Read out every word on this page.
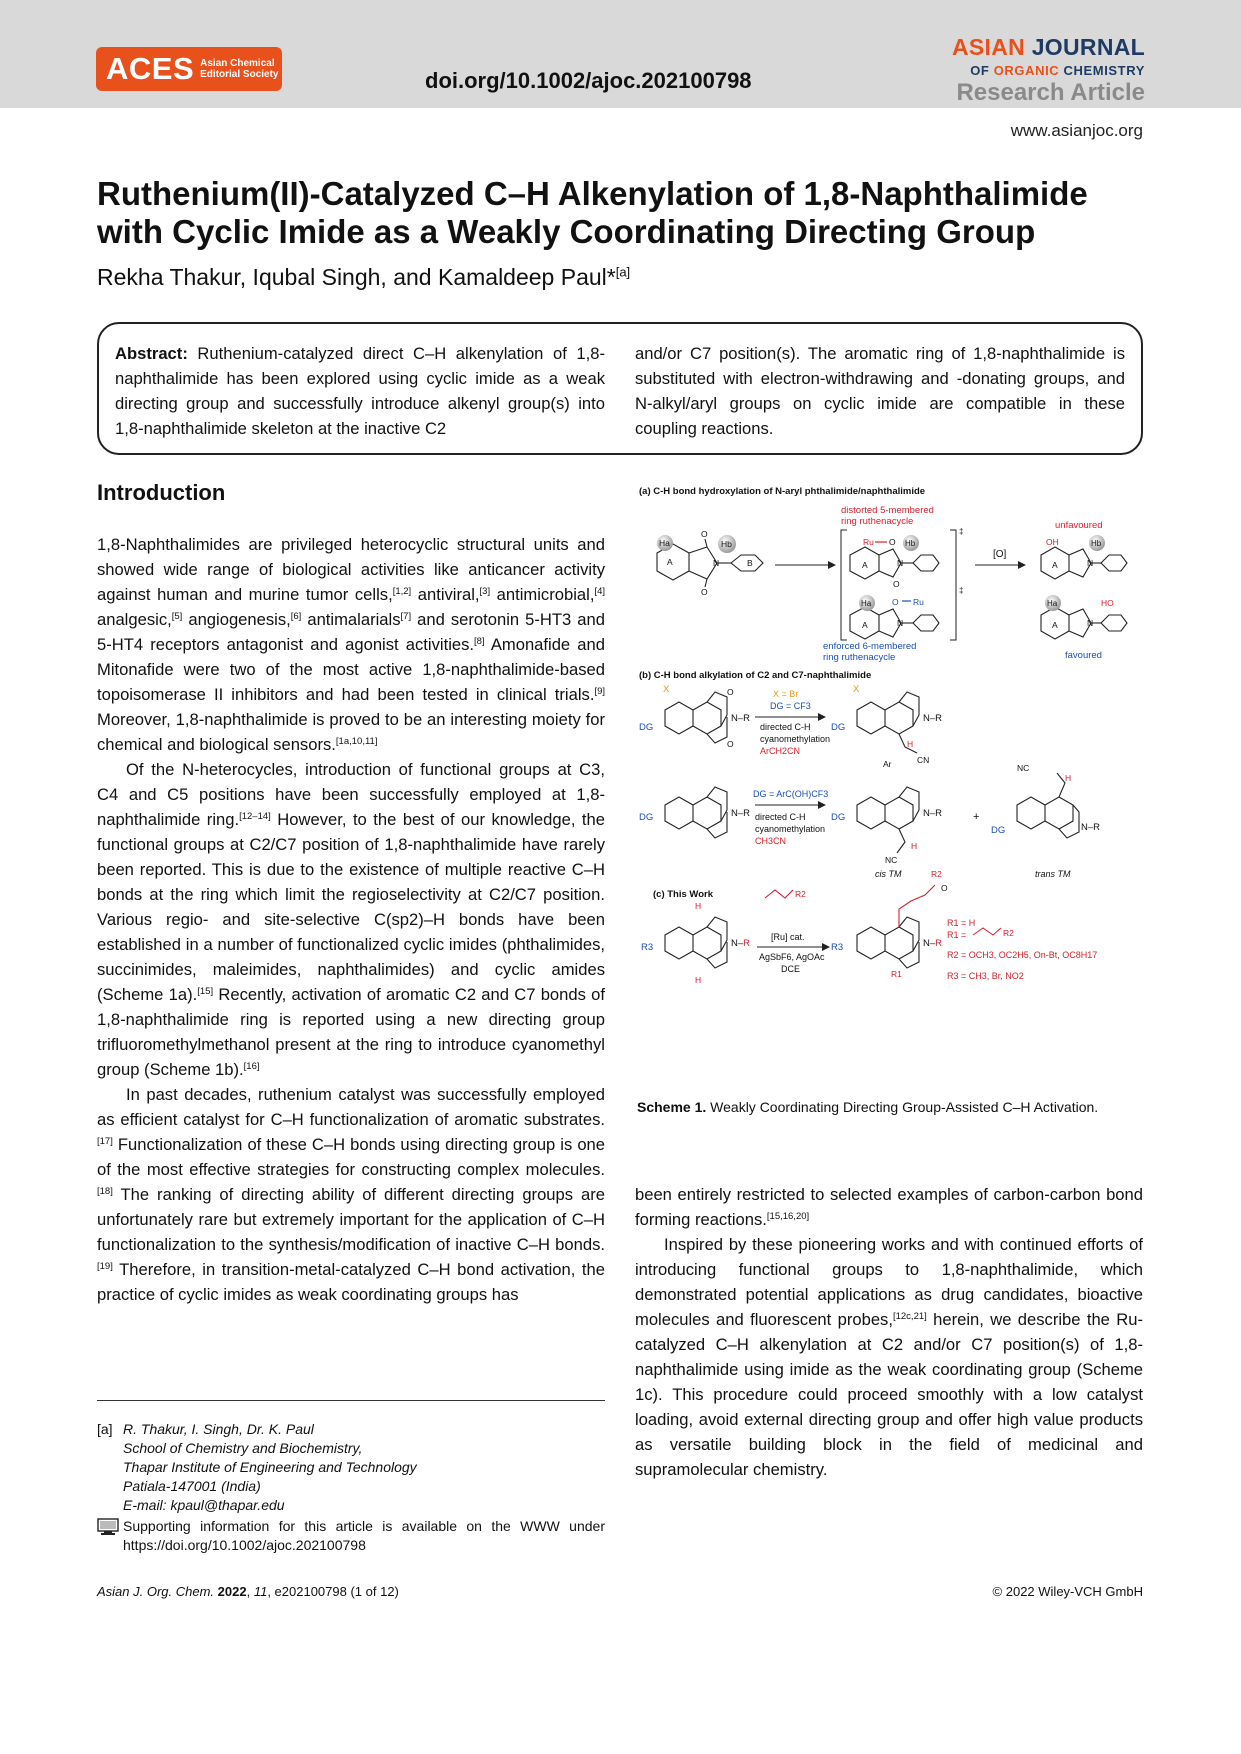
ACES Asian Chemical
Editorial Society	doi.org/10.1002/ajoc.202100798
ASIAN JOURNAL
OF ORGANIC CHEMISTRY
Research Article
www.asianjoc.org
Ruthenium(II)-Catalyzed C–H Alkenylation of 1,8-Naphthalimide
with Cyclic Imide as a Weakly Coordinating Directing Group
Rekha Thakur, Iqubal Singh, and Kamaldeep Paul*[a]
Abstract: Ruthenium-catalyzed direct C–H alkenylation of 1,8-naphthalimide has been explored using cyclic imide as a weak directing group and successfully introduce alkenyl group(s) into 1,8-naphthalimide skeleton at the inactive C2
and/or C7 position(s). The aromatic ring of 1,8-naphthalimide is substituted with electron-withdrawing and -donating groups, and N-alkyl/aryl groups on cyclic imide are compatible in these coupling reactions.
Introduction

1,8-Naphthalimides are privileged heterocyclic structural units and showed wide range of biological activities like anticancer activity against human and murine tumor cells,[1,2] antiviral,[3] antimicrobial,[4] analgesic,[5] angiogenesis,[6] antimalarials[7] and serotonin 5-HT3 and 5-HT4 receptors antagonist and agonist activities.[8] Amonafide and Mitonafide were two of the most active 1,8-naphthalimide-based topoisomerase II inhibitors and had been tested in clinical trials.[9] Moreover, 1,8-naphthalimide is proved to be an interesting moiety for chemical and biological sensors.[1a,10,11]

Of the N-heterocycles, introduction of functional groups at C3, C4 and C5 positions have been successfully employed at 1,8-naphthalimide ring.[12–14] However, to the best of our knowledge, the functional groups at C2/C7 position of 1,8-naphthalimide have rarely been reported. This is due to the existence of multiple reactive C–H bonds at the ring which limit the regioselectivity at C2/C7 position. Various regio- and site-selective C(sp2)–H bonds have been established in a number of functionalized cyclic imides (phthalimides, succinimides, maleimides, naphthalimides) and cyclic amides (Scheme 1a).[15] Recently, activation of aromatic C2 and C7 bonds of 1,8-naphthalimide ring is reported using a new directing group trifluoromethylmethanol present at the ring to introduce cyanomethyl group (Scheme 1b).[16]

In past decades, ruthenium catalyst was successfully employed as efficient catalyst for C–H functionalization of aromatic substrates.[17] Functionalization of these C–H bonds using directing group is one of the most effective strategies for constructing complex molecules.[18] The ranking of directing ability of different directing groups are unfortunately rare but extremely important for the application of C–H functionalization to the synthesis/modification of inactive C–H bonds.[19] Therefore, in transition-metal-catalyzed C–H bond activation, the practice of cyclic imides as weak coordinating groups has

(a) C-H bond hydroxylation of N-aryl phthalimide/naphthalimide
Ha	Hb
A	B
O
O
N
distorted 5-membered
ring ruthenacycle
‡
Ru O Hb
A	N
O
Ha O Ru
A	N
‡
enforced 6-membered
ring ruthenacycle
[O]
unfavoured
OH	Hb
A	N
favoured
Ha	HO
A	N
(b) C-H bond alkylation of C2 and C7-naphthalimide
X
DG
N–R
O
O
X = Br
DG = CF3
directed C-H
cyanomethylation
ArCH2CN
X
DG
N–R
Ar	CN
H
DG	N–R
DG = ArC(OH)CF3
directed C-H
cyanomethylation
CH3CN
DG	N–R
NC
H
cis TM
+
NC
H
DG	N–R
trans TM
(c) This Work
H
H
R3	N–R
R2
[Ru] cat.
AgSbF6, AgOAc
DCE
R2
O
R3	N–R
R1
R1 = H
R1 =	R2
R2 = OCH3, OC2H5, On-Bt, OC8H17
R3 = CH3, Br, NO2
Scheme 1. Weakly Coordinating Directing Group-Assisted C–H Activation.

been entirely restricted to selected examples of carbon-carbon bond forming reactions.[15,16,20]

Inspired by these pioneering works and with continued efforts of introducing functional groups to 1,8-naphthalimide, which demonstrated potential applications as drug candidates, bioactive molecules and fluorescent probes,[12c,21] herein, we describe the Ru-catalyzed C–H alkenylation at C2 and/or C7 position(s) of 1,8-naphthalimide using imide as the weak coordinating group (Scheme 1c). This procedure could proceed smoothly with a low catalyst loading, avoid external directing group and offer high value products as versatile building block in the field of medicinal and supramolecular chemistry.

[a] R. Thakur, I. Singh, Dr. K. Paul
School of Chemistry and Biochemistry,
Thapar Institute of Engineering and Technology
Patiala-147001 (India)
E-mail: kpaul@thapar.edu
Supporting information for this article is available on the WWW under https://doi.org/10.1002/ajoc.202100798
Asian J. Org. Chem. 2022, 11, e202100798 (1 of 12)	© 2022 Wiley-VCH GmbH
